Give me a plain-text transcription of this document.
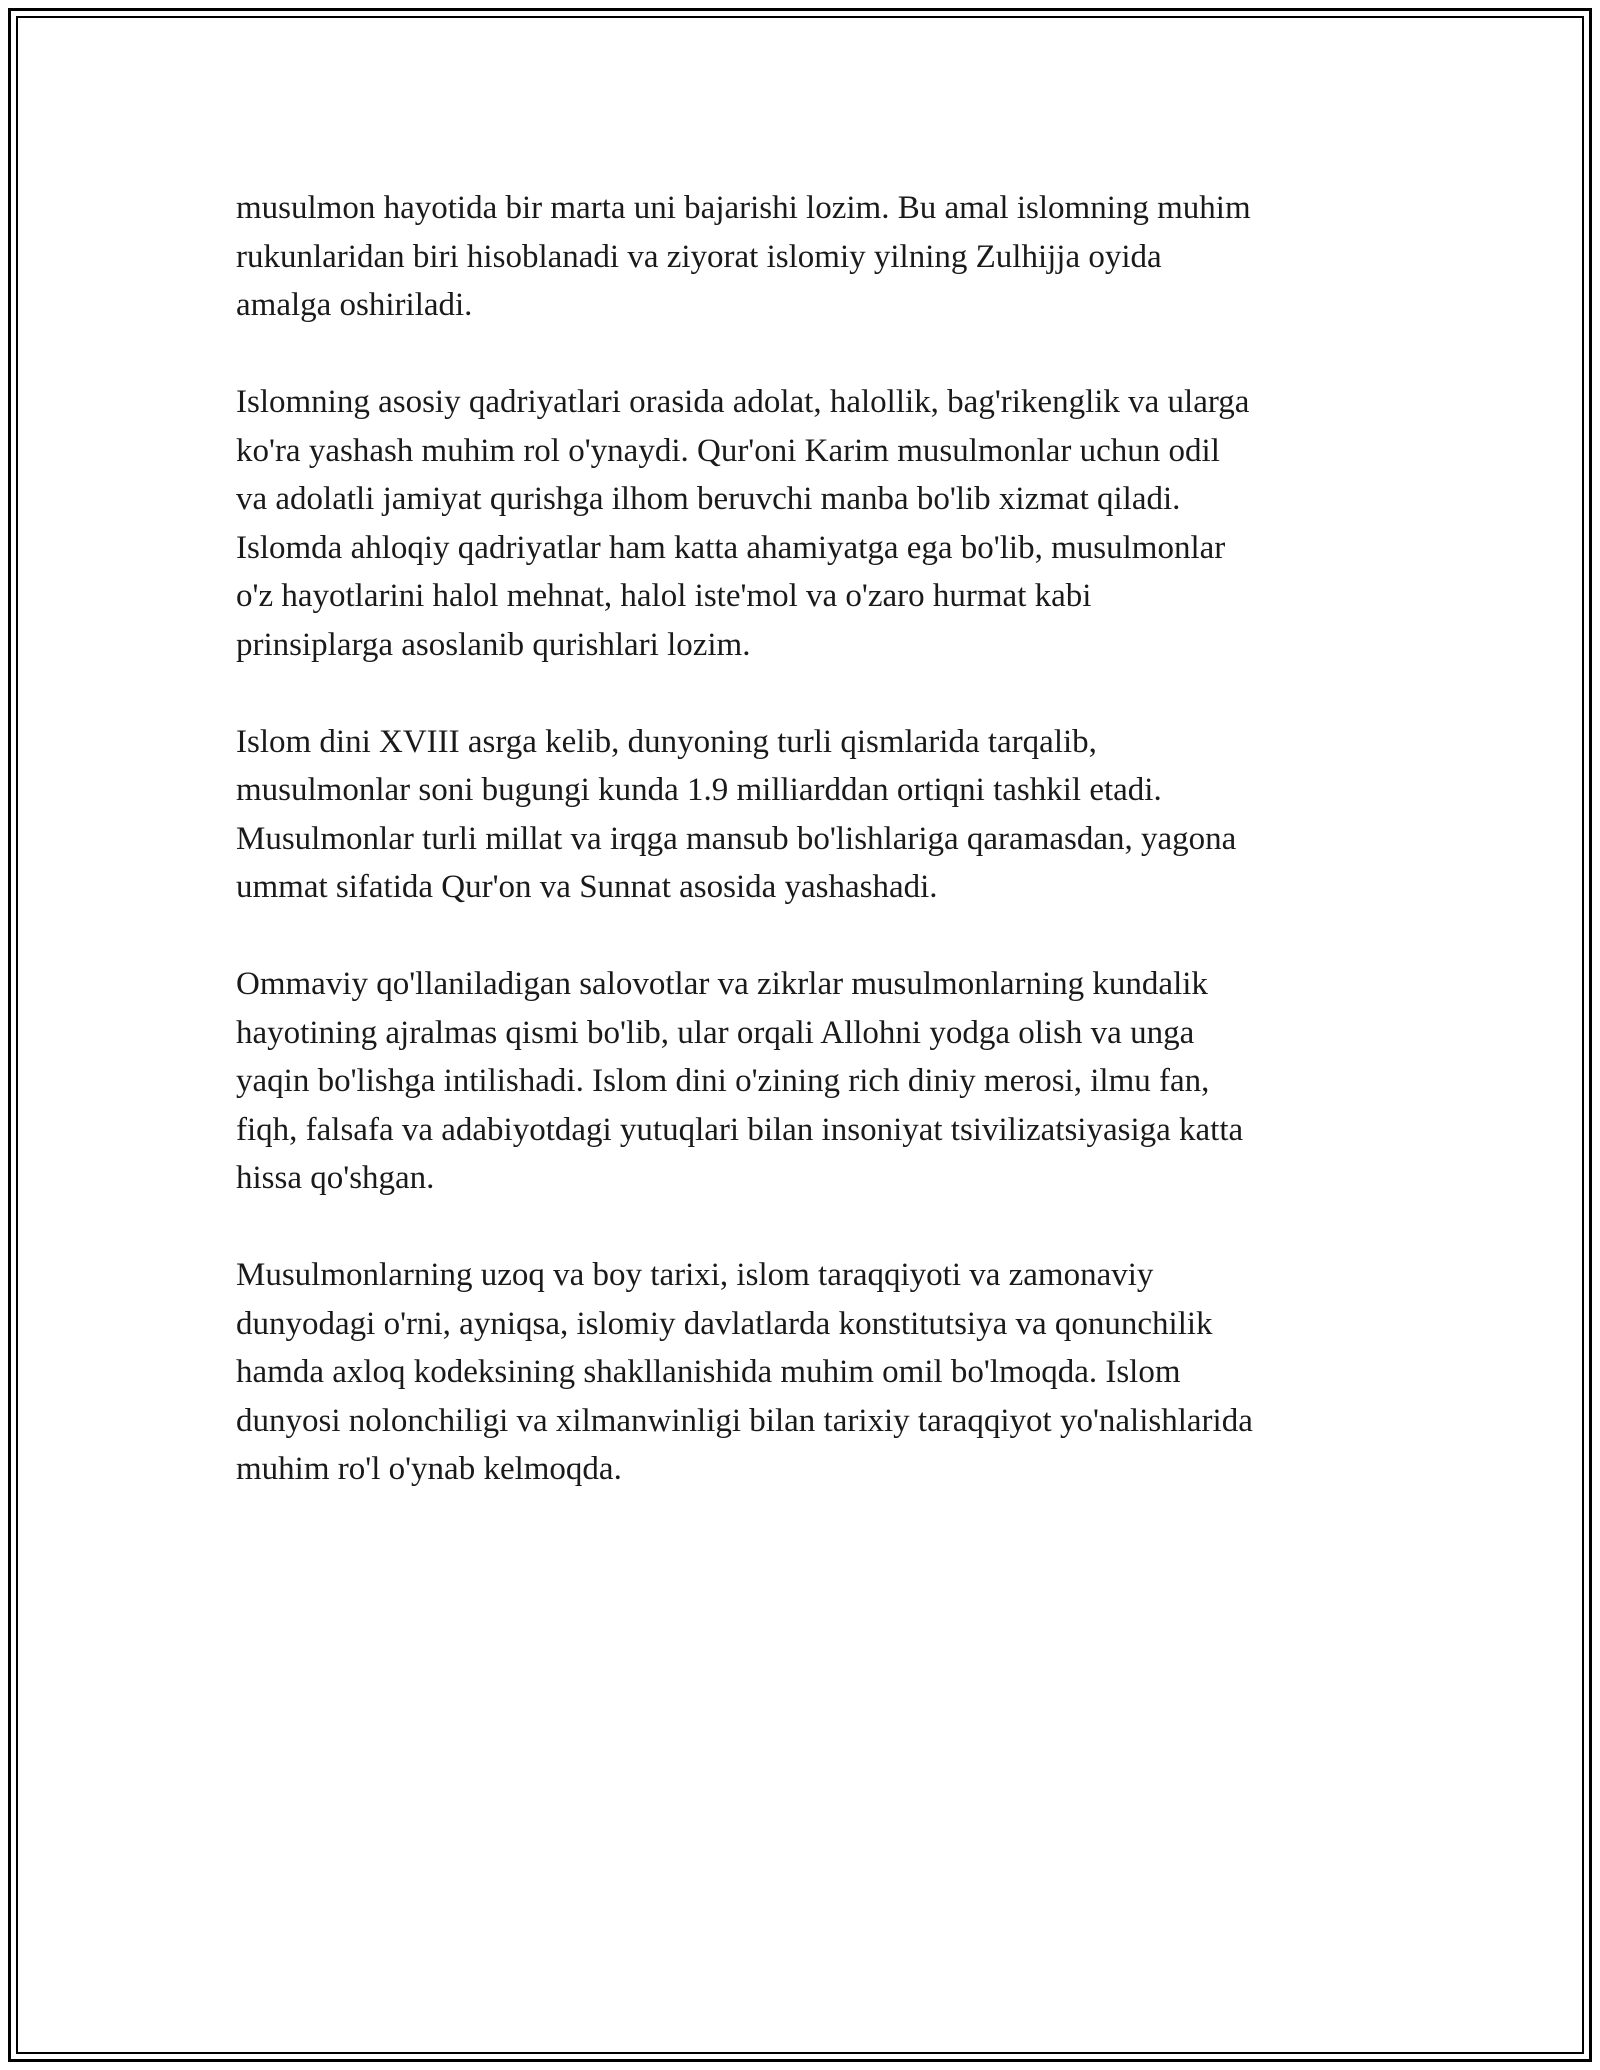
musulmon hayotida bir marta uni bajarishi lozim. Bu amal islomning muhim
rukunlaridan biri hisoblanadi va ziyorat islomiy yilning Zulhijja oyida
amalga oshiriladi.

Islomning asosiy qadriyatlari orasida adolat, halollik, bag'rikenglik va ularga
ko'ra yashash muhim rol o'ynaydi. Qur'oni Karim musulmonlar uchun odil
va adolatli jamiyat qurishga ilhom beruvchi manba bo'lib xizmat qiladi.
Islomda ahloqiy qadriyatlar ham katta ahamiyatga ega bo'lib, musulmonlar
o'z hayotlarini halol mehnat, halol iste'mol va o'zaro hurmat kabi
prinsiplarga asoslanib qurishlari lozim.

Islom dini XVIII asrga kelib, dunyoning turli qismlarida tarqalib,
musulmonlar soni bugungi kunda 1.9 milliarddan ortiqni tashkil etadi.
Musulmonlar turli millat va irqga mansub bo'lishlariga qaramasdan, yagona
ummat sifatida Qur'on va Sunnat asosida yashashadi.

Ommaviy qo'llaniladigan salovotlar va zikrlar musulmonlarning kundalik
hayotining ajralmas qismi bo'lib, ular orqali Allohni yodga olish va unga
yaqin bo'lishga intilishadi. Islom dini o'zining rich diniy merosi, ilmu fan,
fiqh, falsafa va adabiyotdagi yutuqlari bilan insoniyat tsivilizatsiyasiga katta
hissa qo'shgan.

Musulmonlarning uzoq va boy tarixi, islom taraqqiyoti va zamonaviy
dunyodagi o'rni, ayniqsa, islomiy davlatlarda konstitutsiya va qonunchilik
hamda axloq kodeksining shakllanishida muhim omil bo'lmoqda. Islom
dunyosi nolonchiligi va xilmanwinligi bilan tarixiy taraqqiyot yo'nalishlarida
muhim ro'l o'ynab kelmoqda.
